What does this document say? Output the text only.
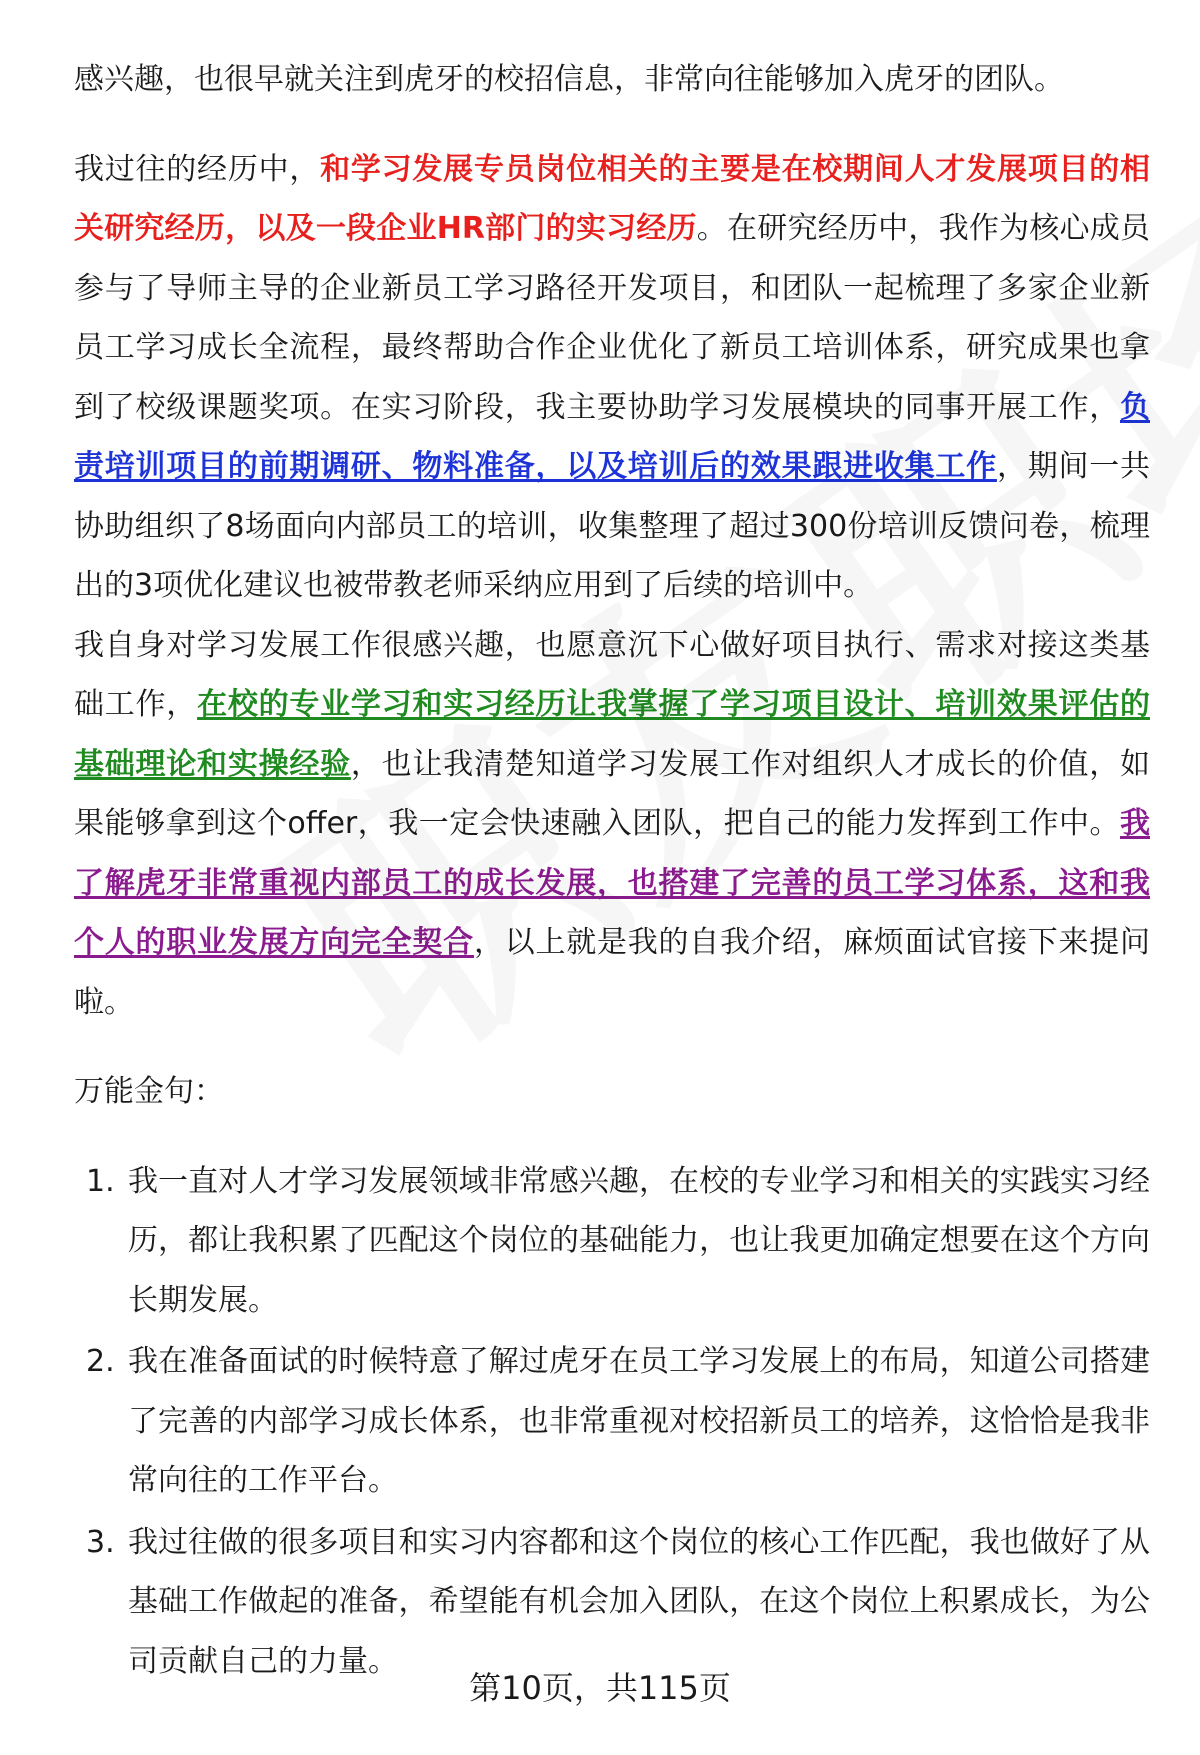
感兴趣，也很早就关注到虎牙的校招信息，非常向往能够加入虎牙的团队。

我过往的经历中，和学习发展专员岗位相关的主要是在校期间人才发展项目的相关研究经历，以及一段企业HR部门的实习经历。在研究经历中，我作为核心成员参与了导师主导的企业新员工学习路径开发项目，和团队一起梳理了多家企业新员工学习成长全流程，最终帮助合作企业优化了新员工培训体系，研究成果也拿到了校级课题奖项。在实习阶段，我主要协助学习发展模块的同事开展工作，负责培训项目的前期调研、物料准备，以及培训后的效果跟进收集工作，期间一共协助组织了8场面向内部员工的培训，收集整理了超过300份培训反馈问卷，梳理出的3项优化建议也被带教老师采纳应用到了后续的培训中。

我自身对学习发展工作很感兴趣，也愿意沉下心做好项目执行、需求对接这类基础工作，在校的专业学习和实习经历让我掌握了学习项目设计、培训效果评估的基础理论和实操经验，也让我清楚知道学习发展工作对组织人才成长的价值，如果能够拿到这个offer，我一定会快速融入团队，把自己的能力发挥到工作中。我了解虎牙非常重视内部员工的成长发展，也搭建了完善的员工学习体系，这和我个人的职业发展方向完全契合，以上就是我的自我介绍，麻烦面试官接下来提问啦。

万能金句：
1. 我一直对人才学习发展领域非常感兴趣，在校的专业学习和相关的实践实习经历，都让我积累了匹配这个岗位的基础能力，也让我更加确定想要在这个方向长期发展。
2. 我在准备面试的时候特意了解过虎牙在员工学习发展上的布局，知道公司搭建了完善的内部学习成长体系，也非常重视对校招新员工的培养，这恰恰是我非常向往的工作平台。
3. 我过往做的很多项目和实习内容都和这个岗位的核心工作匹配，我也做好了从基础工作做起的准备，希望能有机会加入团队，在这个岗位上积累成长，为公司贡献自己的力量。
第10页，共115页
